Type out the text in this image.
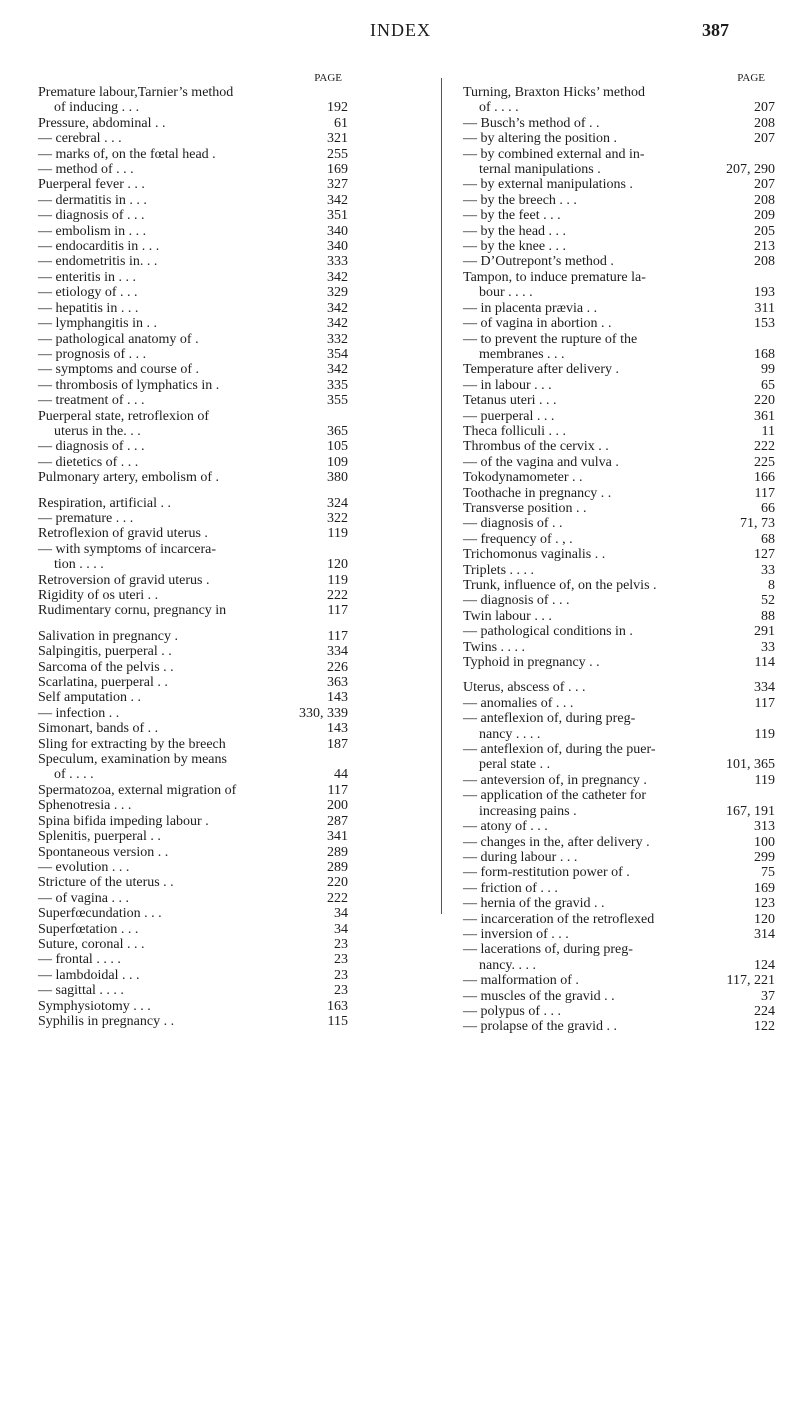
INDEX	387
PAGE
Premature labour,Tarnier’s method
of inducing . . .	192
Pressure, abdominal . .	61
— cerebral . . .	321
— marks of, on the fœtal head .	255
— method of . . .	169
Puerperal fever . . .	327
— dermatitis in . . .	342
— diagnosis of . . .	351
— embolism in . . .	340
— endocarditis in . . .	340
— endometritis in. . .	333
— enteritis in . . .	342
— etiology of . . .	329
— hepatitis in . . .	342
— lymphangitis in . .	342
— pathological anatomy of .	332
— prognosis of . . .	354
— symptoms and course of .	342
— thrombosis of lymphatics in .	335
— treatment of . . .	355
Puerperal state, retroflexion of
uterus in the. . .	365
— diagnosis of . . .	105
— dietetics of . . .	109
Pulmonary artery, embolism of .	380
Respiration, artificial . .	324
— premature . . .	322
Retroflexion of gravid uterus .	119
— with symptoms of incarcera-
tion . . . .	120
Retroversion of gravid uterus .	119
Rigidity of os uteri . .	222
Rudimentary cornu, pregnancy in	117
Salivation in pregnancy .	117
Salpingitis, puerperal . .	334
Sarcoma of the pelvis . .	226
Scarlatina, puerperal . .	363
Self amputation . .	143
— infection . .	330, 339
Simonart, bands of . .	143
Sling for extracting by the breech	187
Speculum, examination by means
of . . . .	44
Spermatozoa, external migration of	117
Sphenotresia . . .	200
Spina bifida impeding labour .	287
Splenitis, puerperal . .	341
Spontaneous version . .	289
— evolution . . .	289
Stricture of the uterus . .	220
— of vagina . . .	222
Superfœcundation . . .	34
Superfœtation . . .	34
Suture, coronal . . .	23
— frontal . . . .	23
— lambdoidal . . .	23
— sagittal . . . .	23
Symphysiotomy . . .	163
Syphilis in pregnancy . .	115
PAGE
Turning, Braxton Hicks’ method
of . . . .	207
— Busch’s method of . .	208
— by altering the position .	207
— by combined external and in-
ternal manipulations .	207, 290
— by external manipulations .	207
— by the breech . . .	208
— by the feet . . .	209
— by the head . . .	205
— by the knee . . .	213
— D’Outrepont’s method .	208
Tampon, to induce premature la-
bour . . . .	193
— in placenta prævia . .	311
— of vagina in abortion . .	153
— to prevent the rupture of the
membranes . . .	168
Temperature after delivery .	99
— in labour . . .	65
Tetanus uteri . . .	220
— puerperal . . .	361
Theca folliculi . . .	11
Thrombus of the cervix . .	222
— of the vagina and vulva .	225
Tokodynamometer . .	166
Toothache in pregnancy . .	117
Transverse position . .	66
— diagnosis of . .	71, 73
— frequency of . , .	68
Trichomonus vaginalis . .	127
Triplets . . . .	33
Trunk, influence of, on the pelvis .	8
— diagnosis of . . .	52
Twin labour . . .	88
— pathological conditions in .	291
Twins . . . .	33
Typhoid in pregnancy . .	114
Uterus, abscess of . . .	334
— anomalies of . . .	117
— anteflexion of, during preg-
nancy . . . .	119
— anteflexion of, during the puer-
peral state . .	101, 365
— anteversion of, in pregnancy .	119
— application of the catheter for
increasing pains .	167, 191
— atony of . . .	313
— changes in the, after delivery .	100
— during labour . . .	299
— form-restitution power of .	75
— friction of . . .	169
— hernia of the gravid . .	123
— incarceration of the retroflexed	120
— inversion of . . .	314
— lacerations of, during preg-
nancy. . . .	124
— malformation of .	117, 221
— muscles of the gravid . .	37
— polypus of . . .	224
— prolapse of the gravid . .	122
